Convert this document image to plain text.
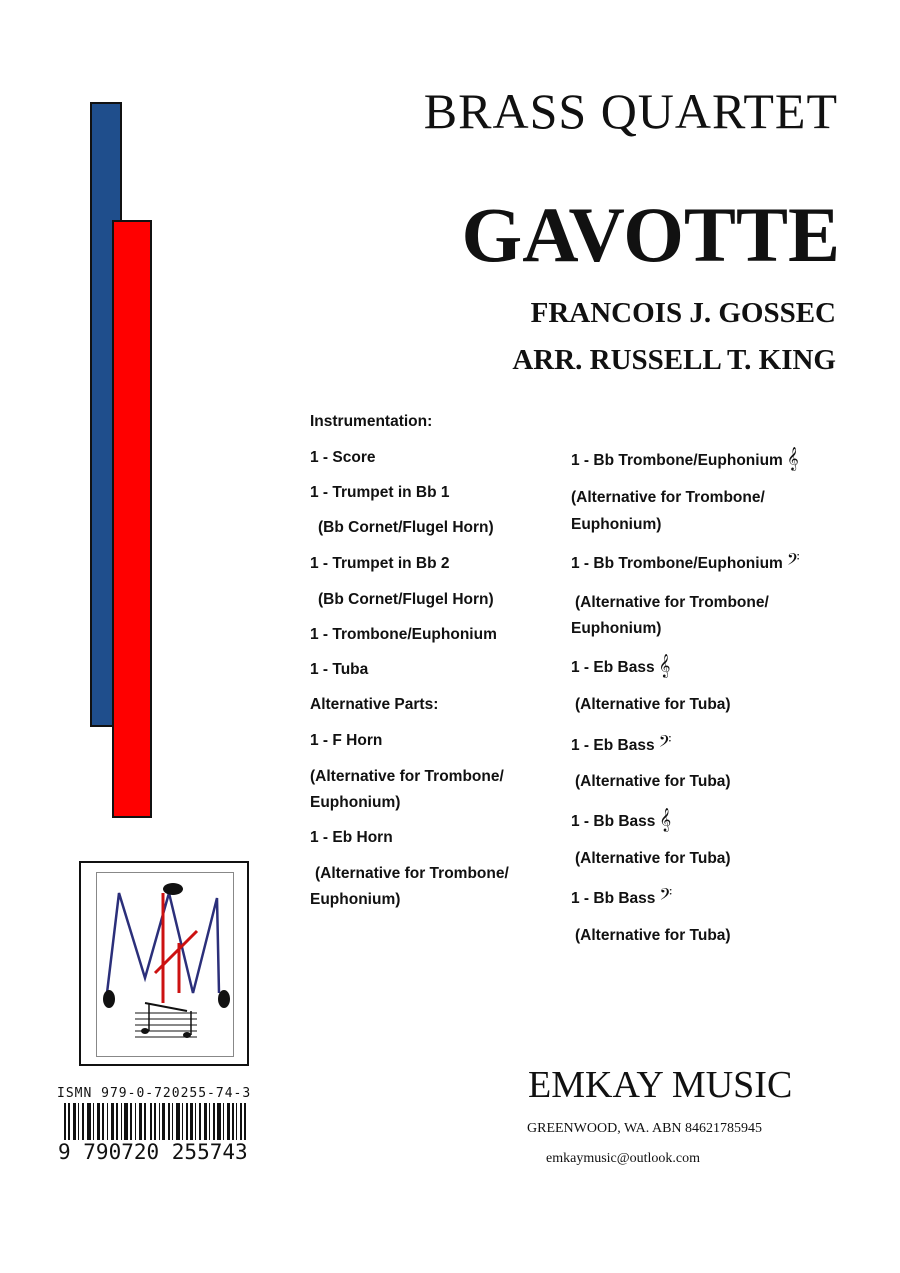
BRASS QUARTET
GAVOTTE
FRANCOIS J. GOSSEC
ARR. RUSSELL T. KING
Instrumentation:
1 - Score
1 - Trumpet in Bb 1
(Bb Cornet/Flugel Horn)
1 - Trumpet in Bb 2
(Bb Cornet/Flugel Horn)
1 - Trombone/Euphonium
1 - Tuba
Alternative Parts:
1 - F Horn
(Alternative for Trombone/
Euphonium)
1 - Eb Horn
(Alternative for Trombone/
Euphonium)
1 - Bb Trombone/Euphonium 𝄞
(Alternative for Trombone/
Euphonium)
1 - Bb Trombone/Euphonium 𝄢
(Alternative for Trombone/
Euphonium)
1 - Eb Bass 𝄞
(Alternative for Tuba)
1 - Eb Bass 𝄢
(Alternative for Tuba)
1 - Bb Bass 𝄞
(Alternative for Tuba)
1 - Bb Bass 𝄢
(Alternative for Tuba)
ISMN 979-0-720255-74-3
9 790720 255743
EMKAY MUSIC
GREENWOOD, WA. ABN 84621785945
emkaymusic@outlook.com
